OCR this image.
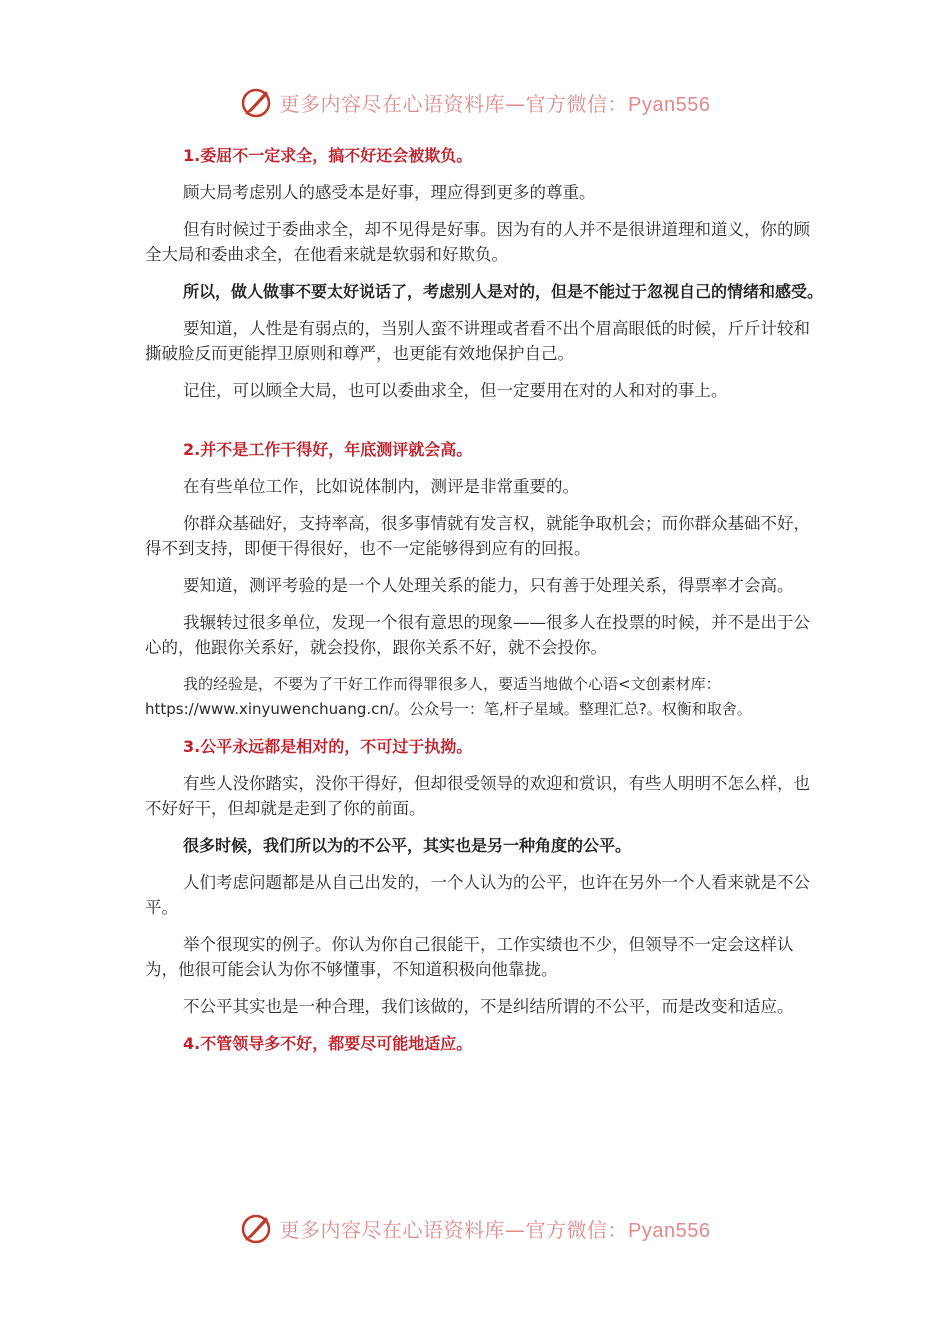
更多内容尽在心语资料库—官方微信：Pyan556

1.委屈不一定求全，搞不好还会被欺负。

顾大局考虑别人的感受本是好事，理应得到更多的尊重。

但有时候过于委曲求全，却不见得是好事。因为有的人并不是很讲道理和道义，你的顾全大局和委曲求全，在他看来就是软弱和好欺负。

所以，做人做事不要太好说话了，考虑别人是对的，但是不能过于忽视自己的情绪和感受。

要知道，人性是有弱点的，当别人蛮不讲理或者看不出个眉高眼低的时候，斤斤计较和撕破脸反而更能捍卫原则和尊严，也更能有效地保护自己。

记住，可以顾全大局，也可以委曲求全，但一定要用在对的人和对的事上。

2.并不是工作干得好，年底测评就会高。

在有些单位工作，比如说体制内，测评是非常重要的。

你群众基础好，支持率高，很多事情就有发言权，就能争取机会；而你群众基础不好，得不到支持，即便干得很好，也不一定能够得到应有的回报。

要知道，测评考验的是一个人处理关系的能力，只有善于处理关系，得票率才会高。

我辗转过很多单位，发现一个很有意思的现象——很多人在投票的时候，并不是出于公心的，他跟你关系好，就会投你，跟你关系不好，就不会投你。

我的经验是，不要为了干好工作而得罪很多人，要适当地做个心语<文创素材库：https://www.xinyuwenchuang.cn/。公众号一：笔,杆子星域。整理汇总?。权衡和取舍。

3.公平永远都是相对的，不可过于执拗。

有些人没你踏实，没你干得好，但却很受领导的欢迎和赏识，有些人明明不怎么样，也不好好干，但却就是走到了你的前面。

很多时候，我们所以为的不公平，其实也是另一种角度的公平。

人们考虑问题都是从自己出发的，一个人认为的公平，也许在另外一个人看来就是不公平。

举个很现实的例子。你认为你自己很能干，工作实绩也不少，但领导不一定会这样认为，他很可能会认为你不够懂事，不知道积极向他靠拢。

不公平其实也是一种合理，我们该做的，不是纠结所谓的不公平，而是改变和适应。

4.不管领导多不好，都要尽可能地适应。

更多内容尽在心语资料库—官方微信：Pyan556
